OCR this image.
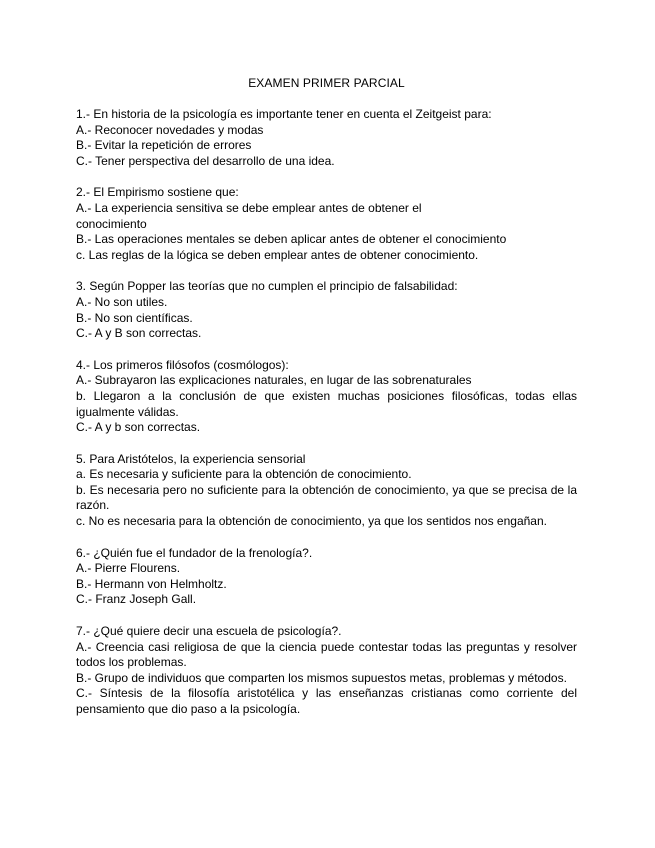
EXAMEN PRIMER PARCIAL
1.- En historia de la psicología es importante tener en cuenta el Zeitgeist para:
A.- Reconocer novedades y modas
B.- Evitar la repetición de errores
C.- Tener perspectiva del desarrollo de una idea.
2.- El Empirismo sostiene que:
A.- La experiencia sensitiva se debe emplear antes de obtener el
conocimiento
B.- Las operaciones mentales se deben aplicar antes de obtener el conocimiento
c. Las reglas de la lógica se deben emplear antes de obtener conocimiento.
3. Según Popper las teorías que no cumplen el principio de falsabilidad:
A.- No son utiles.
B.- No son científicas.
C.- A y B son correctas.
4.- Los primeros filósofos (cosmólogos):
A.- Subrayaron las explicaciones naturales, en lugar de las sobrenaturales
b. Llegaron a la conclusión de que existen muchas posiciones filosóficas, todas ellas igualmente válidas.
C.- A y b son correctas.
5. Para Aristótelos, la experiencia sensorial
a. Es necesaria y suficiente para la obtención de conocimiento.
b. Es necesaria pero no suficiente para la obtención de conocimiento, ya que se precisa de la razón.
c. No es necesaria para la obtención de conocimiento, ya que los sentidos nos engañan.
6.- ¿Quién fue el fundador de la frenología?.
A.- Pierre Flourens.
B.- Hermann von Helmholtz.
C.- Franz Joseph Gall.
7.- ¿Qué quiere decir una escuela de psicología?.
A.- Creencia casi religiosa de que la ciencia puede contestar todas las preguntas y resolver todos los problemas.
B.- Grupo de individuos que comparten los mismos supuestos metas, problemas y métodos.
C.- Síntesis de la filosofía aristotélica y las enseñanzas cristianas como corriente del pensamiento que dio paso a la psicología.
